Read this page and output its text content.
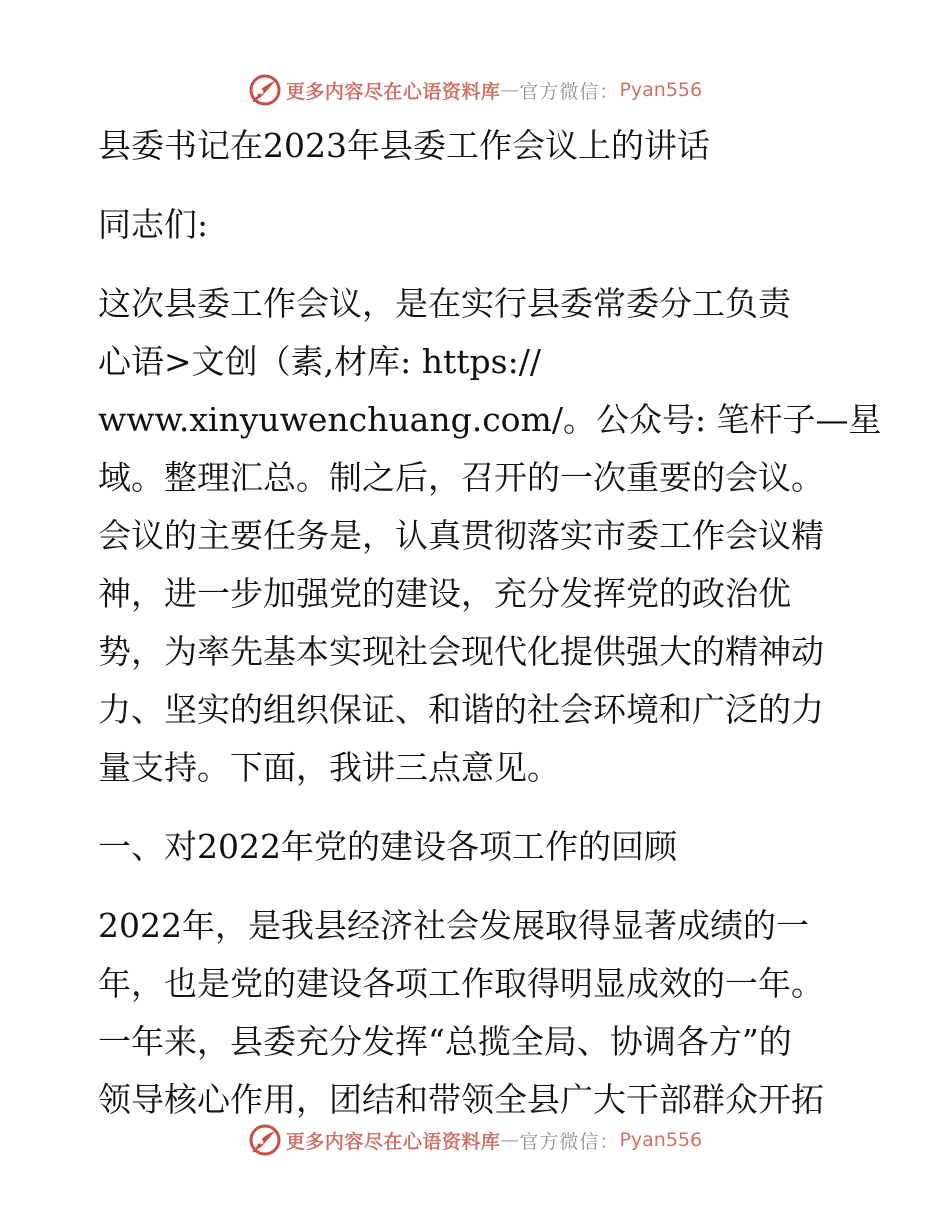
更多内容尽在心语资料库 — 官方微信： Pyan556
县委书记在2023年县委工作会议上的讲话
同志们:
这次县委工作会议，是在实行县委常委分工负责
心语>文创（素,材库: https://
www.xinyuwenchuang.com/。公众号: 笔杆子—星
域。整理汇总。制之后，召开的一次重要的会议。
会议的主要任务是，认真贯彻落实市委工作会议精
神，进一步加强党的建设，充分发挥党的政治优
势，为率先基本实现社会现代化提供强大的精神动
力、坚实的组织保证、和谐的社会环境和广泛的力
量支持。下面，我讲三点意见。
一、对2022年党的建设各项工作的回顾
2022年，是我县经济社会发展取得显著成绩的一
年，也是党的建设各项工作取得明显成效的一年。
一年来，县委充分发挥“总揽全局、协调各方”的
领导核心作用，团结和带领全县广大干部群众开拓
更多内容尽在心语资料库 — 官方微信： Pyan556
